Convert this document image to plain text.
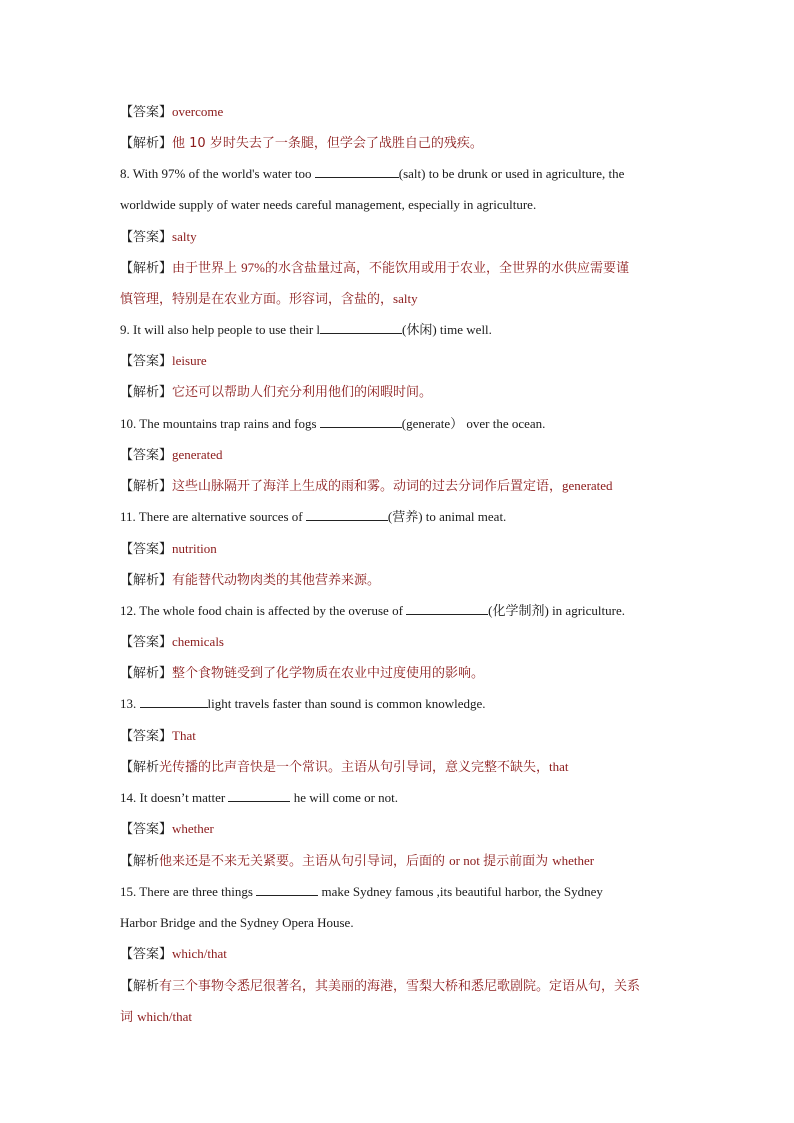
【答案】overcome
【解析】他 10 岁时失去了一条腿，但学会了战胜自己的残疾。
8. With 97% of the world's water too	(salt) to be drunk or used in agriculture, the
worldwide supply of water needs careful management, especially in agriculture.
【答案】salty
【解析】由于世界上 97%的水含盐量过高，不能饮用或用于农业，全世界的水供应需要谨
慎管理，特别是在农业方面。形容词，含盐的，salty
9. It will also help people to use their l	(休闲) time well.
【答案】leisure
【解析】它还可以帮助人们充分利用他们的闲暇时间。
10. The mountains trap rains and fogs	(generate） over the ocean.
【答案】generated
【解析】这些山脉隔开了海洋上生成的雨和雾。动词的过去分词作后置定语，generated
11. There are alternative sources of	(营养) to animal meat.
【答案】nutrition
【解析】有能替代动物肉类的其他营养来源。
12. The whole food chain is affected by the overuse of	(化学制剂) in agriculture.
【答案】chemicals
【解析】整个食物链受到了化学物质在农业中过度使用的影响。
13.	light travels faster than sound is common knowledge.
【答案】That
【解析光传播的比声音快是一个常识。主语从句引导词，意义完整不缺失，that
14. It doesn’t matter	he will come or not.
【答案】whether
【解析他来还是不来无关紧要。主语从句引导词，后面的 or not 提示前面为 whether
15. There are three things	make Sydney famous ,its beautiful harbor, the Sydney
Harbor Bridge and the Sydney Opera House.
【答案】which/that
【解析有三个事物令悉尼很著名，其美丽的海港，雪梨大桥和悉尼歌剧院。定语从句，关系
词 which/that
